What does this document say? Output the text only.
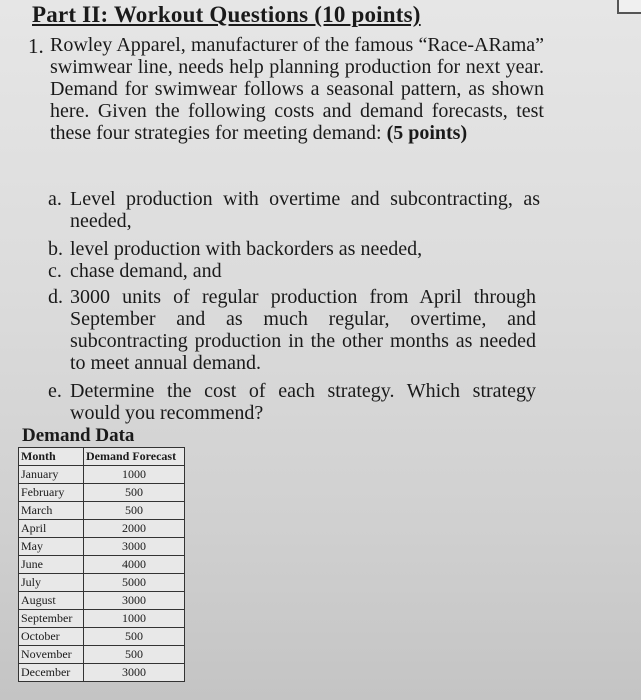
Part II: Workout Questions (10 points)
1. Rowley Apparel, manufacturer of the famous “Race-ARama” swimwear line, needs help planning production for next year. Demand for swimwear follows a seasonal pattern, as shown here. Given the following costs and demand forecasts, test these four strategies for meeting demand: (5 points)
a. Level production with overtime and subcontracting, as needed,
b. level production with backorders as needed,
c. chase demand, and
d. 3000 units of regular production from April through September and as much regular, overtime, and subcontracting production in the other months as needed to meet annual demand.
e. Determine the cost of each strategy. Which strategy would you recommend?
Demand Data
Month	Demand Forecast
January	1000
February	500
March	500
April	2000
May	3000
June	4000
July	5000
August	3000
September	1000
October	500
November	500
December	3000
